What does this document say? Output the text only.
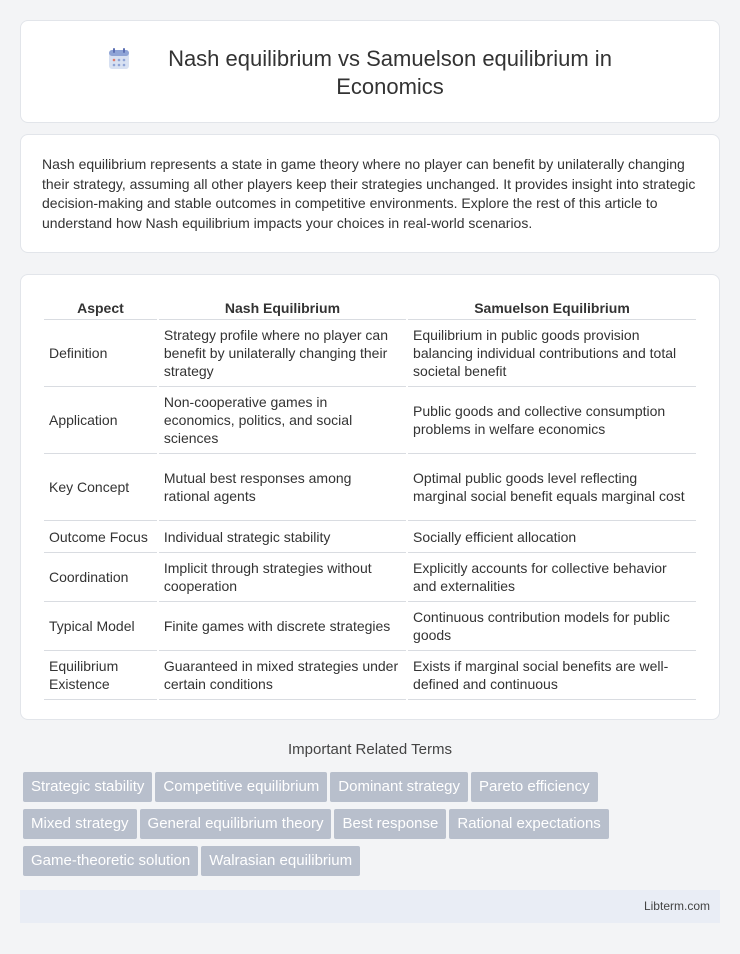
Nash equilibrium vs Samuelson equilibrium in Economics

Nash equilibrium represents a state in game theory where no player can benefit by unilaterally changing their strategy, assuming all other players keep their strategies unchanged. It provides insight into strategic decision-making and stable outcomes in competitive environments. Explore the rest of this article to understand how Nash equilibrium impacts your choices in real-world scenarios.

Aspect	Nash Equilibrium	Samuelson Equilibrium
Definition	Strategy profile where no player can benefit by unilaterally changing their strategy	Equilibrium in public goods provision balancing individual contributions and total societal benefit
Application	Non-cooperative games in economics, politics, and social sciences	Public goods and collective consumption problems in welfare economics
Key Concept	Mutual best responses among rational agents	Optimal public goods level reflecting marginal social benefit equals marginal cost
Outcome Focus	Individual strategic stability	Socially efficient allocation
Coordination	Implicit through strategies without cooperation	Explicitly accounts for collective behavior and externalities
Typical Model	Finite games with discrete strategies	Continuous contribution models for public goods
Equilibrium Existence	Guaranteed in mixed strategies under certain conditions	Exists if marginal social benefits are well-defined and continuous
Important Related Terms
Strategic stability Competitive equilibrium Dominant strategy Pareto efficiency
Mixed strategy General equilibrium theory Best response Rational expectations
Game-theoretic solution Walrasian equilibrium
Libterm.com
